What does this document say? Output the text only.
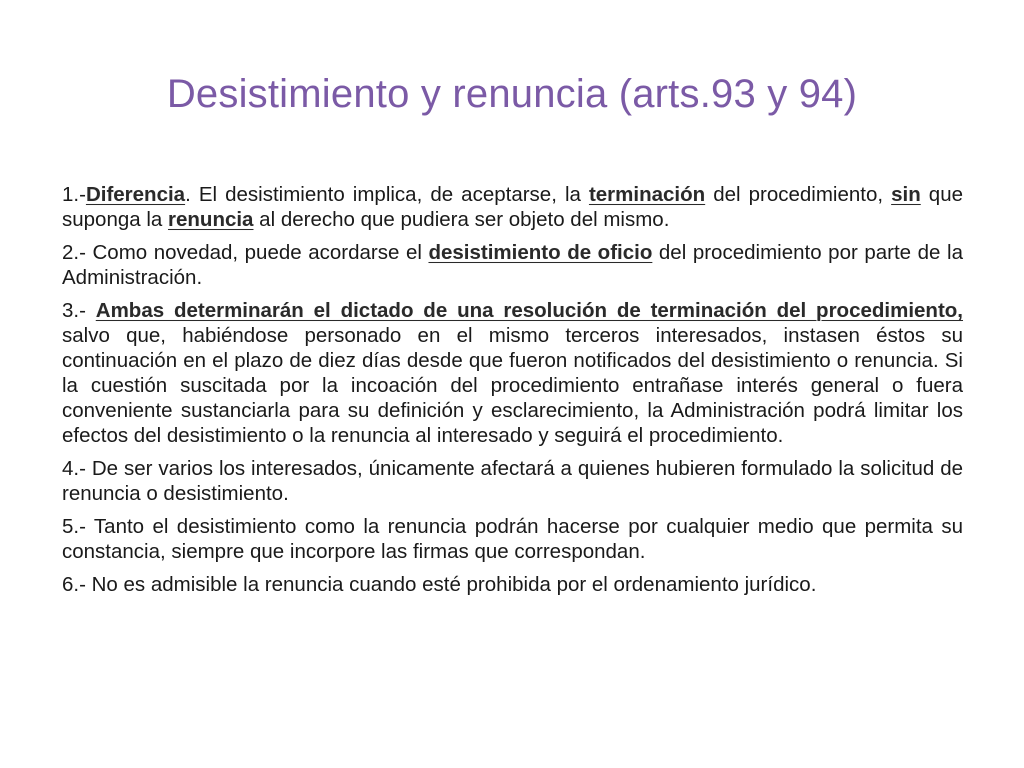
Desistimiento y renuncia (arts.93 y 94)

1.-Diferencia. El desistimiento implica, de aceptarse, la terminación del procedimiento, sin que suponga la renuncia al derecho que pudiera ser objeto del mismo.

2.- Como novedad, puede acordarse el desistimiento de oficio del procedimiento por parte de la Administración.

3.- Ambas determinarán el dictado de una resolución de terminación del procedimiento, salvo que, habiéndose personado en el mismo terceros interesados, instasen éstos su continuación en el plazo de diez días desde que fueron notificados del desistimiento o renuncia. Si la cuestión suscitada por la incoación del procedimiento entrañase interés general o fuera conveniente sustanciarla para su definición y esclarecimiento, la Administración podrá limitar los efectos del desistimiento o la renuncia al interesado y seguirá el procedimiento.

4.- De ser varios los interesados, únicamente afectará a quienes hubieren formulado la solicitud de renuncia o desistimiento.

5.- Tanto el desistimiento como la renuncia podrán hacerse por cualquier medio que permita su constancia, siempre que incorpore las firmas que correspondan.

6.- No es admisible la renuncia cuando esté prohibida por el ordenamiento jurídico.
